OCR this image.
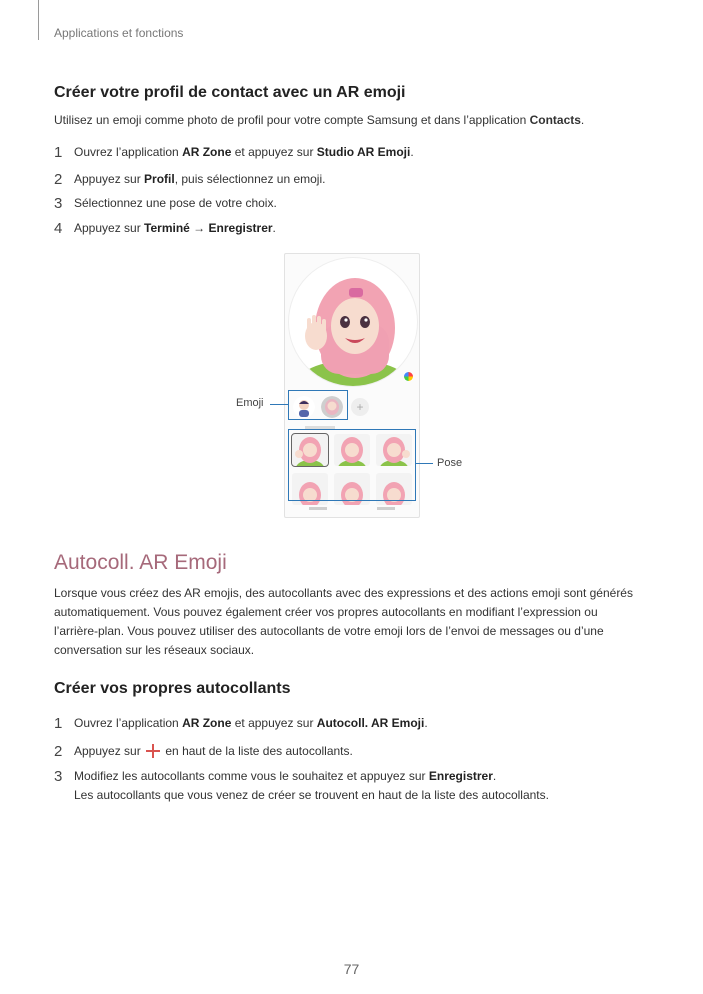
Applications et fonctions
Créer votre profil de contact avec un AR emoji

Utilisez un emoji comme photo de profil pour votre compte Samsung et dans l’application Contacts.

1 Ouvrez l’application AR Zone et appuyez sur Studio AR Emoji.
2 Appuyez sur Profil, puis sélectionnez un emoji.
3 Sélectionnez une pose de votre choix.
4 Appuyez sur Terminé → Enregistrer.
+
Emoji
Pose
Autocoll. AR Emoji

Lorsque vous créez des AR emojis, des autocollants avec des expressions et des actions emoji sont générés
automatiquement. Vous pouvez également créer vos propres autocollants en modifiant l’expression ou
l’arrière-plan. Vous pouvez utiliser des autocollants de votre emoji lors de l’envoi de messages ou d’une
conversation sur les réseaux sociaux.

Créer vos propres autocollants
1 Ouvrez l’application AR Zone et appuyez sur Autocoll. AR Emoji.
2 Appuyez sur  en haut de la liste des autocollants.
3 Modifiez les autocollants comme vous le souhaitez et appuyez sur Enregistrer.
Les autocollants que vous venez de créer se trouvent en haut de la liste des autocollants.
77
